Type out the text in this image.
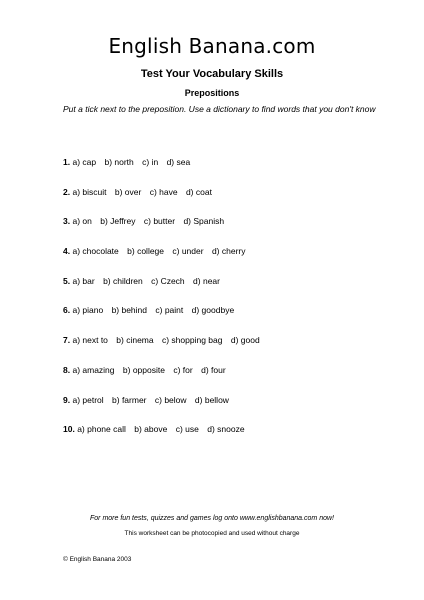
English Banana.com
Test Your Vocabulary Skills
Prepositions
Put a tick next to the preposition. Use a dictionary to find words that you don't know
1. a) cap b) north c) in d) sea
2. a) biscuit b) over c) have d) coat
3. a) on b) Jeffrey c) butter d) Spanish
4. a) chocolate b) college c) under d) cherry
5. a) bar b) children c) Czech d) near
6. a) piano b) behind c) paint d) goodbye
7. a) next to b) cinema c) shopping bag d) good
8. a) amazing b) opposite c) for d) four
9. a) petrol b) farmer c) below d) bellow
10. a) phone call b) above c) use d) snooze
For more fun tests, quizzes and games log onto www.englishbanana.com now!
This worksheet can be photocopied and used without charge
© English Banana 2003
